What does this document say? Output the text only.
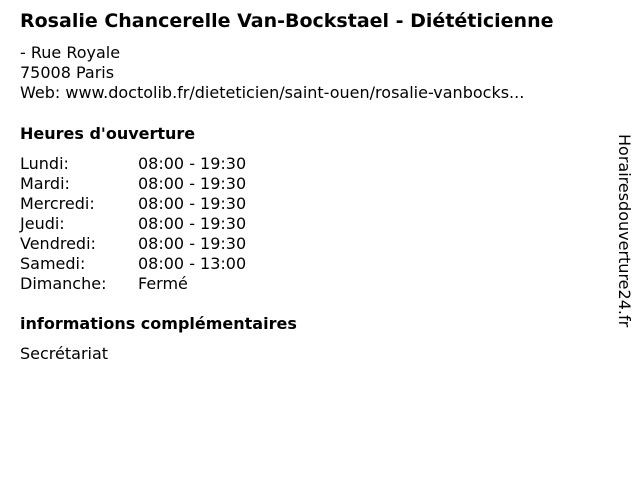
Rosalie Chancerelle Van-Bockstael - Diététicienne
- Rue Royale
75008 Paris
Web: www.doctolib.fr/dieteticien/saint-ouen/rosalie-vanbocks...
Heures d'ouverture
Lundi:	08:00 - 19:30
Mardi:	08:00 - 19:30
Mercredi:	08:00 - 19:30
Jeudi:	08:00 - 19:30
Vendredi:	08:00 - 19:30
Samedi:	08:00 - 13:00
Dimanche: Fermé
informations complémentaires
Secrétariat
Horairesdouverture24.fr
